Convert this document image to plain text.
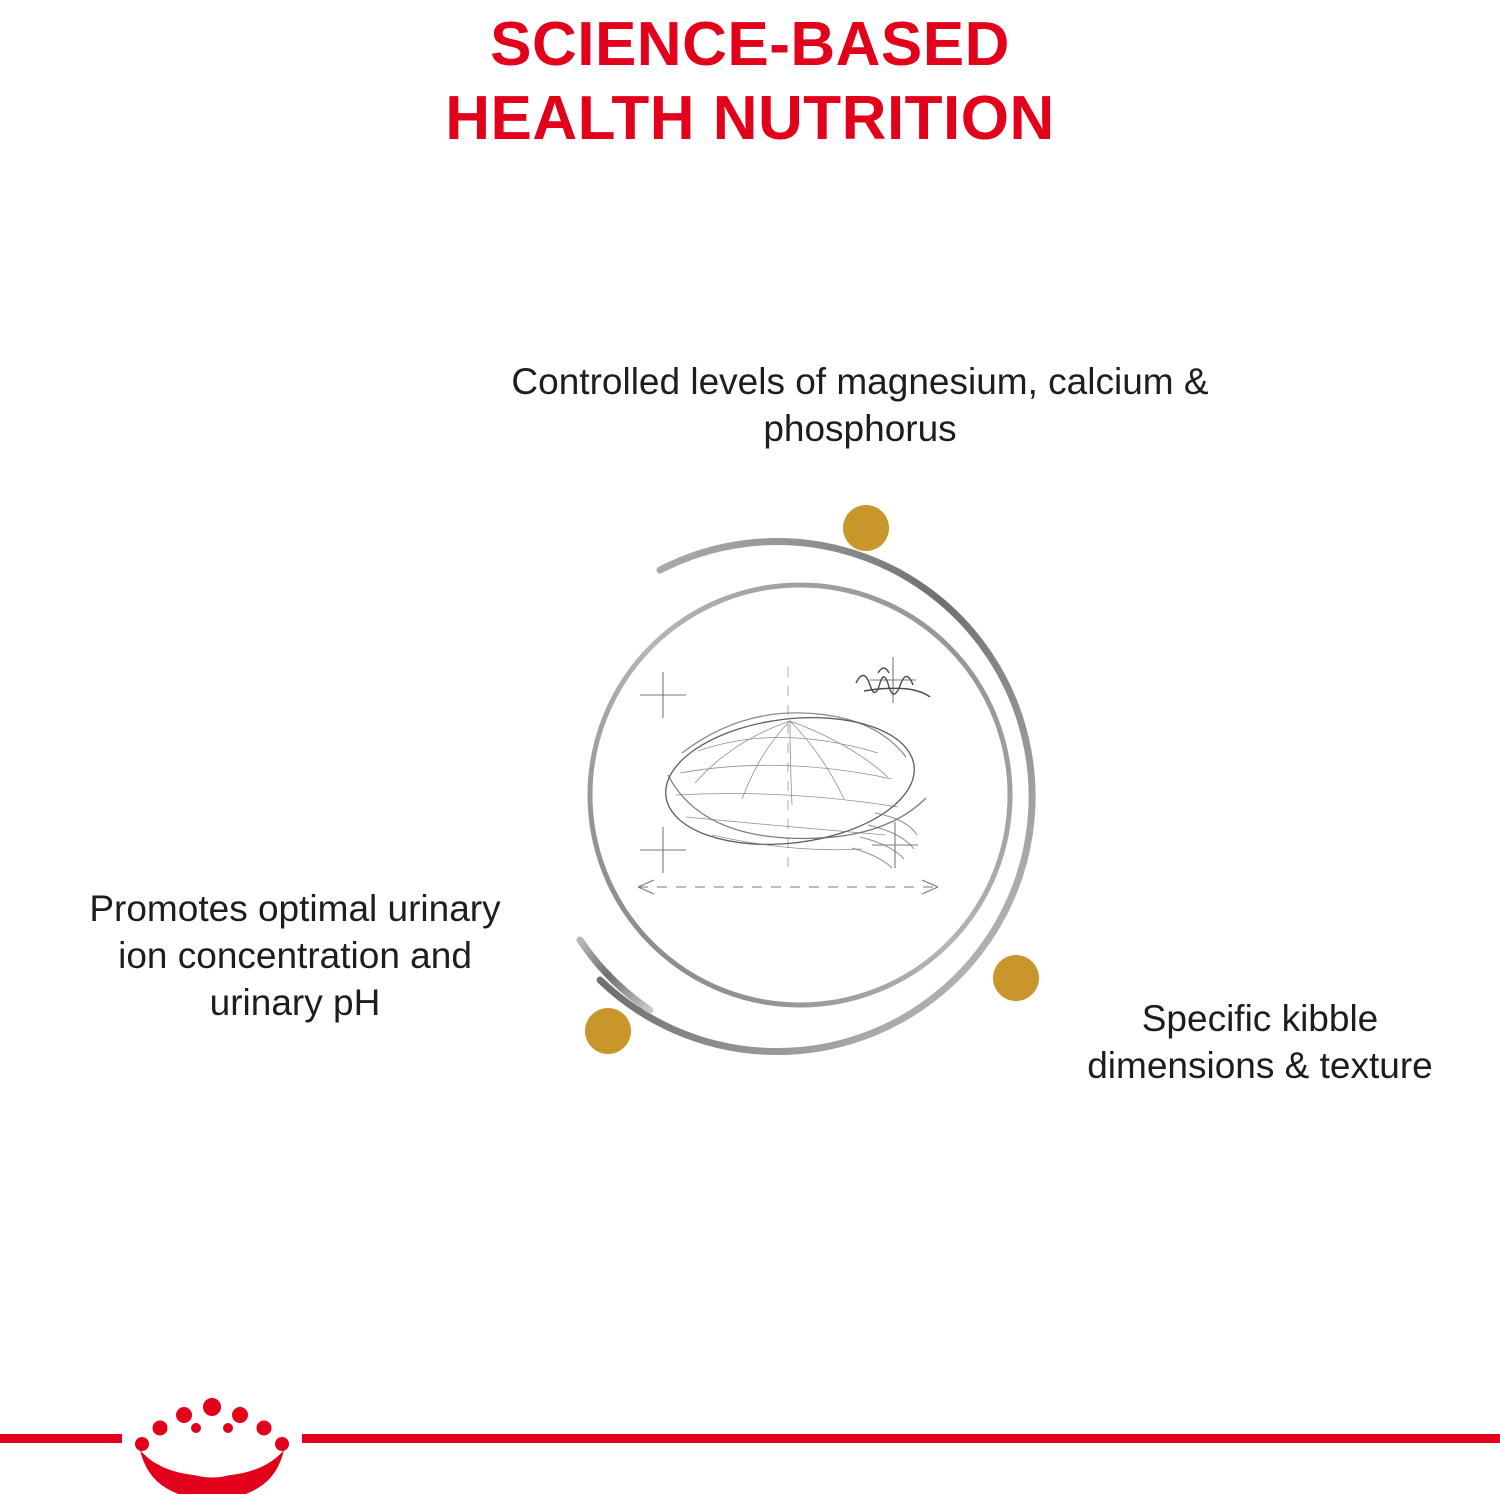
SCIENCE-BASED
HEALTH NUTRITION
Controlled levels of magnesium, calcium & phosphorus
Specific kibble dimensions & texture
Promotes optimal urinary ion concentration and urinary pH
